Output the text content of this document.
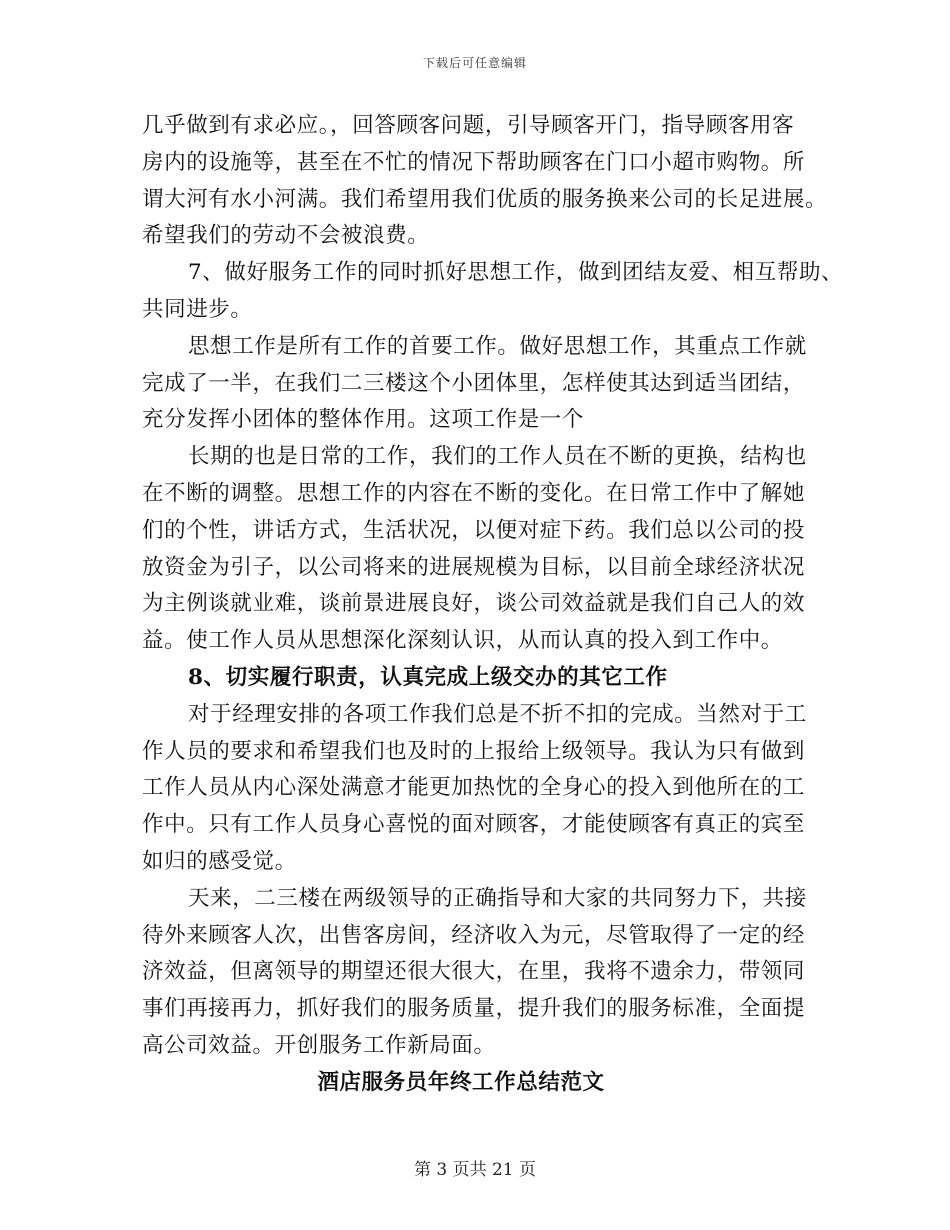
下载后可任意编辑
几乎做到有求必应。，回答顾客问题，引导顾客开门，指导顾客用客
房内的设施等，甚至在不忙的情况下帮助顾客在门口小超市购物。所
谓大河有水小河满。我们希望用我们优质的服务换来公司的长足进展。
希望我们的劳动不会被浪费。
7、做好服务工作的同时抓好思想工作，做到团结友爱、相互帮助、
共同进步。
思想工作是所有工作的首要工作。做好思想工作，其重点工作就
完成了一半，在我们二三楼这个小团体里，怎样使其达到适当团结，
充分发挥小团体的整体作用。这项工作是一个
长期的也是日常的工作，我们的工作人员在不断的更换，结构也
在不断的调整。思想工作的内容在不断的变化。在日常工作中了解她
们的个性，讲话方式，生活状况，以便对症下药。我们总以公司的投
放资金为引子，以公司将来的进展规模为目标，以目前全球经济状况
为主例谈就业难，谈前景进展良好，谈公司效益就是我们自己人的效
益。使工作人员从思想深化深刻认识，从而认真的投入到工作中。
8、切实履行职责，认真完成上级交办的其它工作
对于经理安排的各项工作我们总是不折不扣的完成。当然对于工
作人员的要求和希望我们也及时的上报给上级领导。我认为只有做到
工作人员从内心深处满意才能更加热忱的全身心的投入到他所在的工
作中。只有工作人员身心喜悦的面对顾客，才能使顾客有真正的宾至
如归的感受觉。
天来，二三楼在两级领导的正确指导和大家的共同努力下，共接
待外来顾客人次，出售客房间，经济收入为元，尽管取得了一定的经
济效益，但离领导的期望还很大很大，在里，我将不遗余力，带领同
事们再接再力，抓好我们的服务质量，提升我们的服务标准，全面提
高公司效益。开创服务工作新局面。
酒店服务员年终工作总结范文
第 3 页共 21 页
